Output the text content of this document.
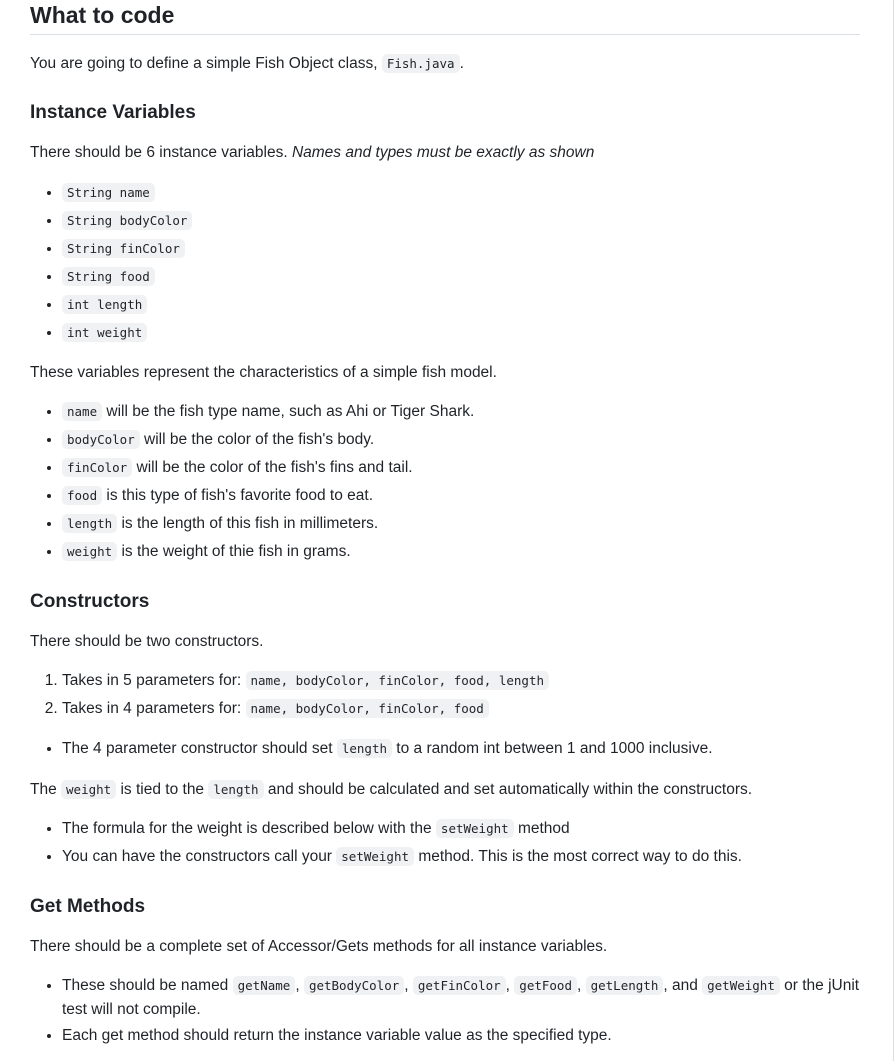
What to code

You are going to define a simple Fish Object class, Fish.java .

Instance Variables

There should be 6 instance variables. Names and types must be exactly as shown

• String name
• String bodyColor
• String finColor
• String food
• int length
• int weight

These variables represent the characteristics of a simple fish model.

• name will be the fish type name, such as Ahi or Tiger Shark.
• bodyColor will be the color of the fish's body.
• finColor will be the color of the fish's fins and tail.
• food is this type of fish's favorite food to eat.
• length is the length of this fish in millimeters.
• weight is the weight of thie fish in grams.
Constructors

There should be two constructors.

1. Takes in 5 parameters for: name, bodyColor, finColor, food, length
2. Takes in 4 parameters for: name, bodyColor, finColor, food
• The 4 parameter constructor should set length to a random int between 1 and 1000 inclusive.

The weight is tied to the length and should be calculated and set automatically within the constructors.

• The formula for the weight is described below with the setWeight method
• You can have the constructors call your setWeight method. This is the most correct way to do this.
Get Methods

There should be a complete set of Accessor/Gets methods for all instance variables.

• These should be named getName , getBodyColor , getFinColor , getFood , getLength , and getWeight or the jUnit test will not compile.
• Each get method should return the instance variable value as the specified type.
